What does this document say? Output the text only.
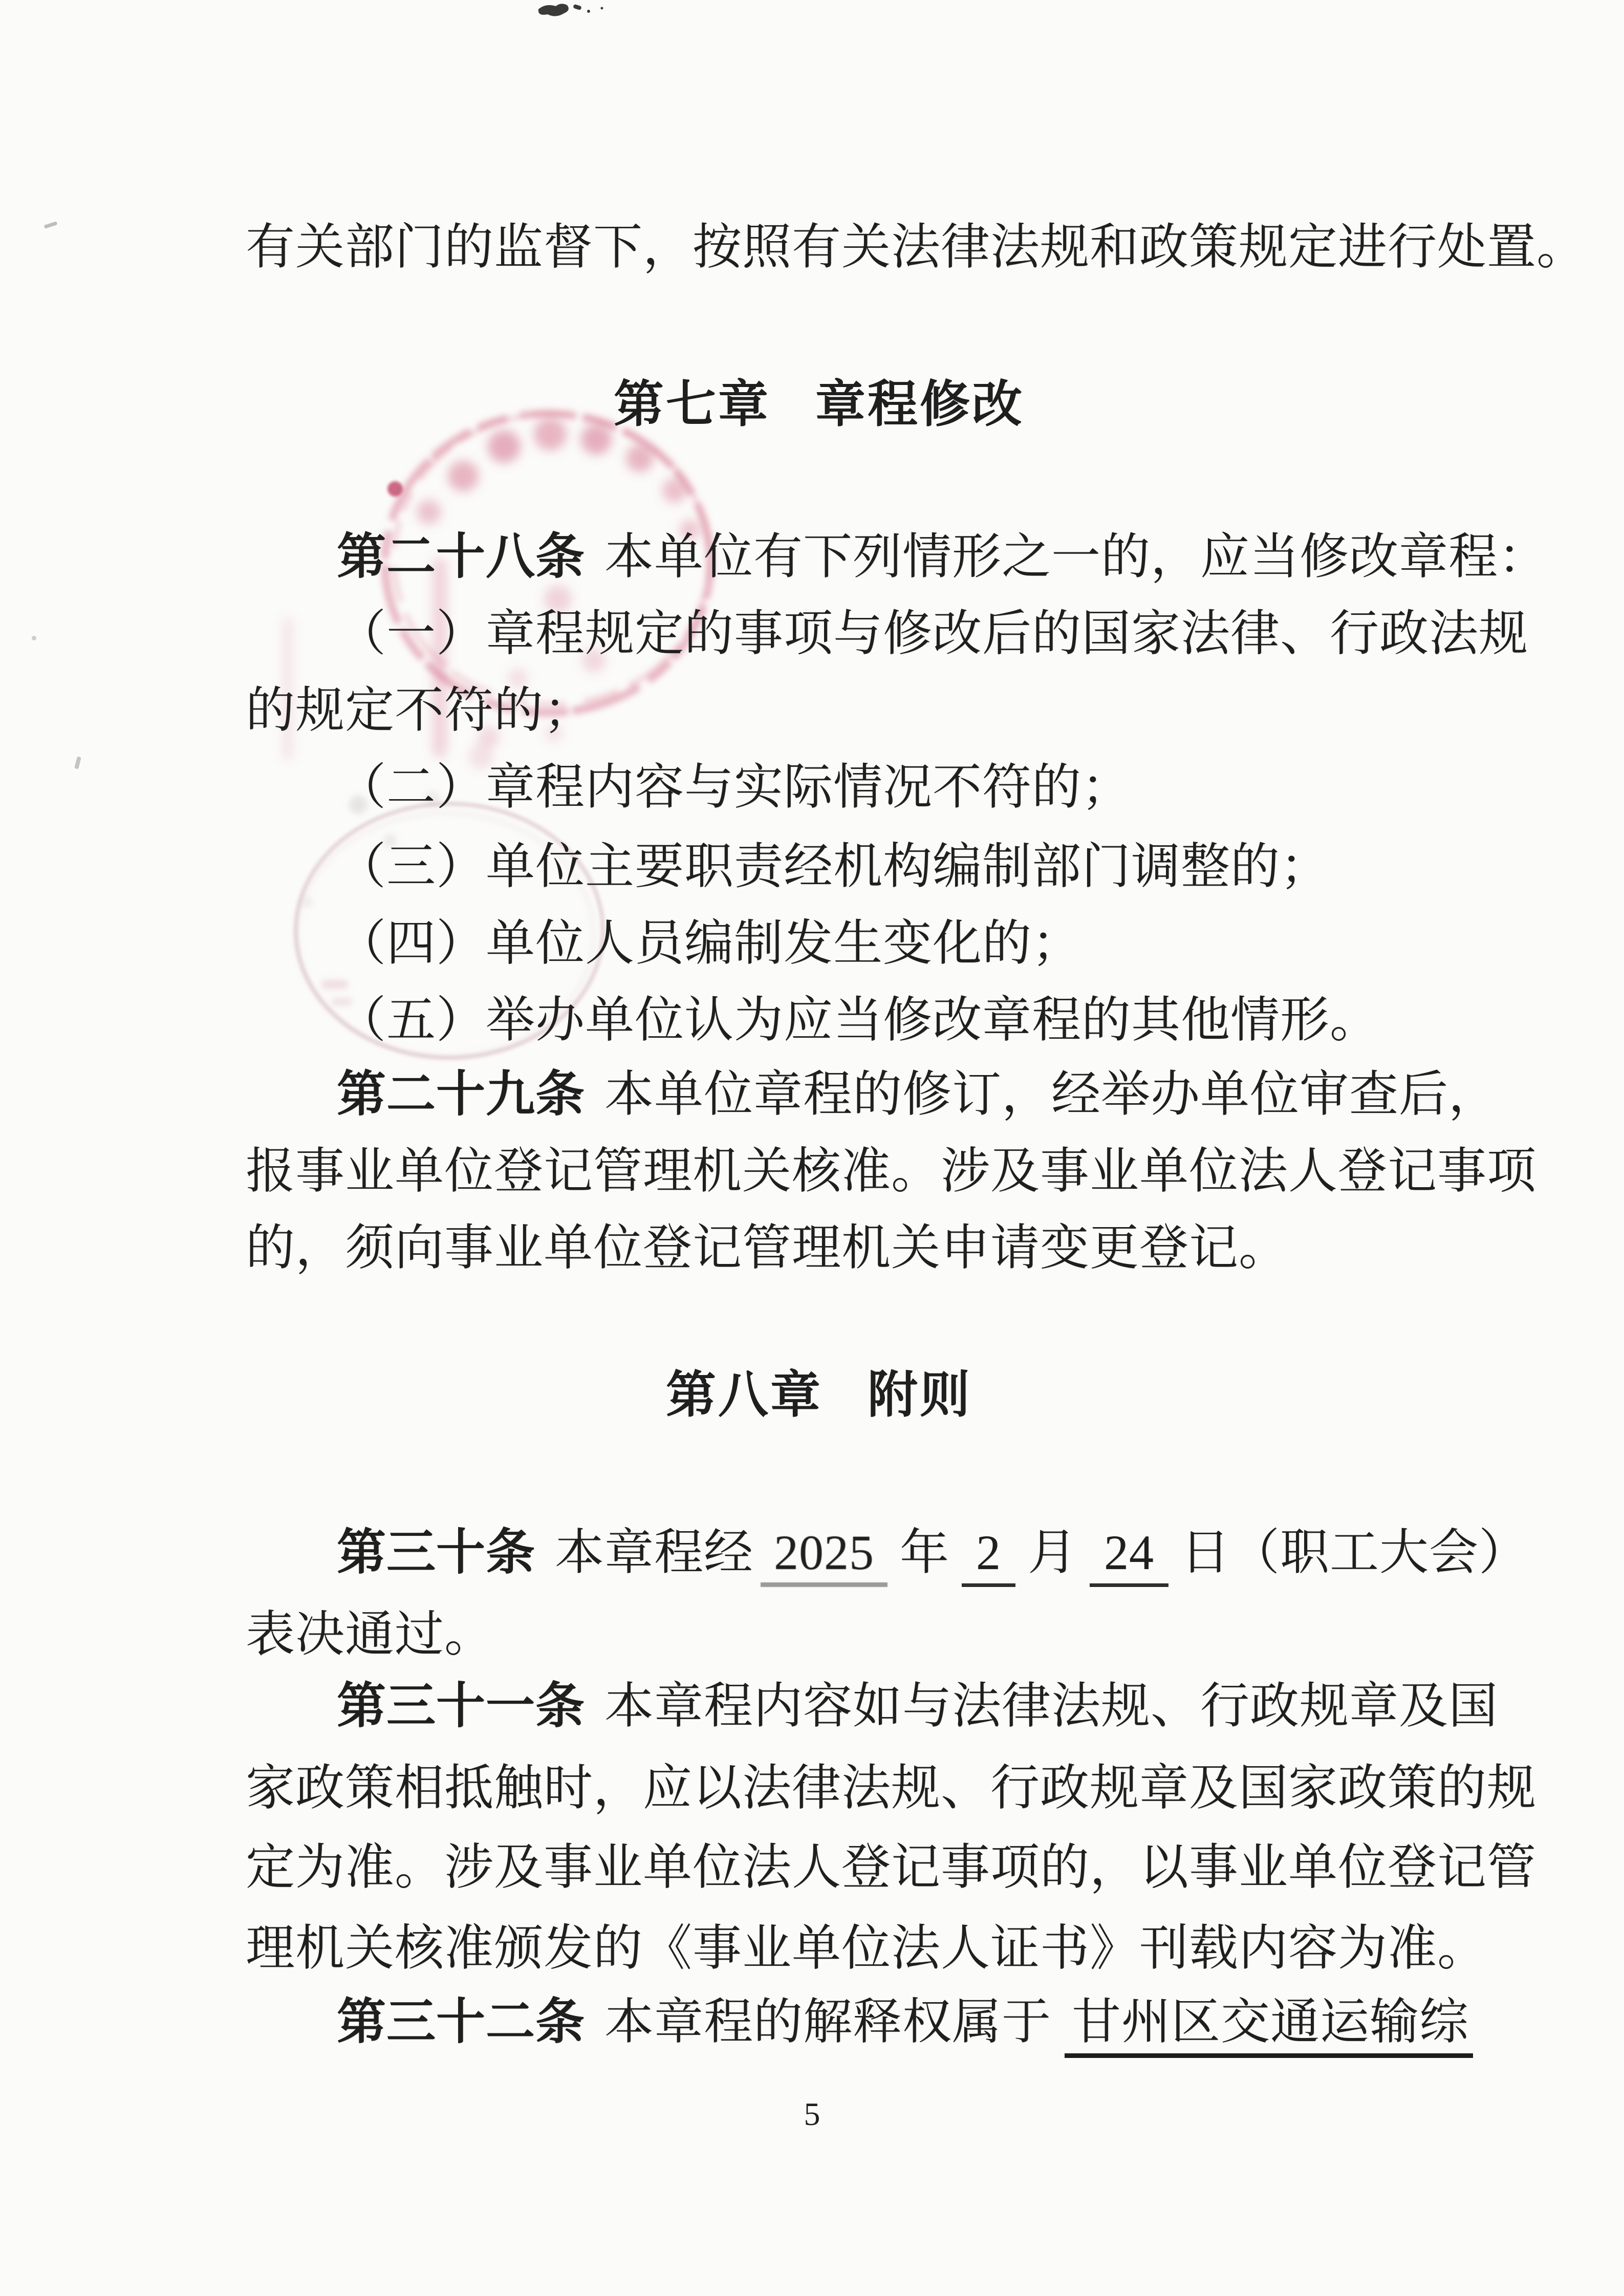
有关部门的监督下，按照有关法律法规和政策规定进行处置。
第七章 章程修改
第二十八条 本单位有下列情形之一的，应当修改章程：
（一）章程规定的事项与修改后的国家法律、行政法规
的规定不符的；
（二）章程内容与实际情况不符的；
（三）单位主要职责经机构编制部门调整的；
（四）单位人员编制发生变化的；
（五）举办单位认为应当修改章程的其他情形。
第二十九条 本单位章程的修订，经举办单位审查后，
报事业单位登记管理机关核准。涉及事业单位法人登记事项
的，须向事业单位登记管理机关申请变更登记。
第八章 附则
第三十条 本章程经 2025 年 2 月 24 日（职工大会）
表决通过。
第三十一条 本章程内容如与法律法规、行政规章及国
家政策相抵触时，应以法律法规、行政规章及国家政策的规
定为准。涉及事业单位法人登记事项的，以事业单位登记管
理机关核准颁发的《事业单位法人证书》刊载内容为准。
第三十二条 本章程的解释权属于 甘州区交通运输综
5
